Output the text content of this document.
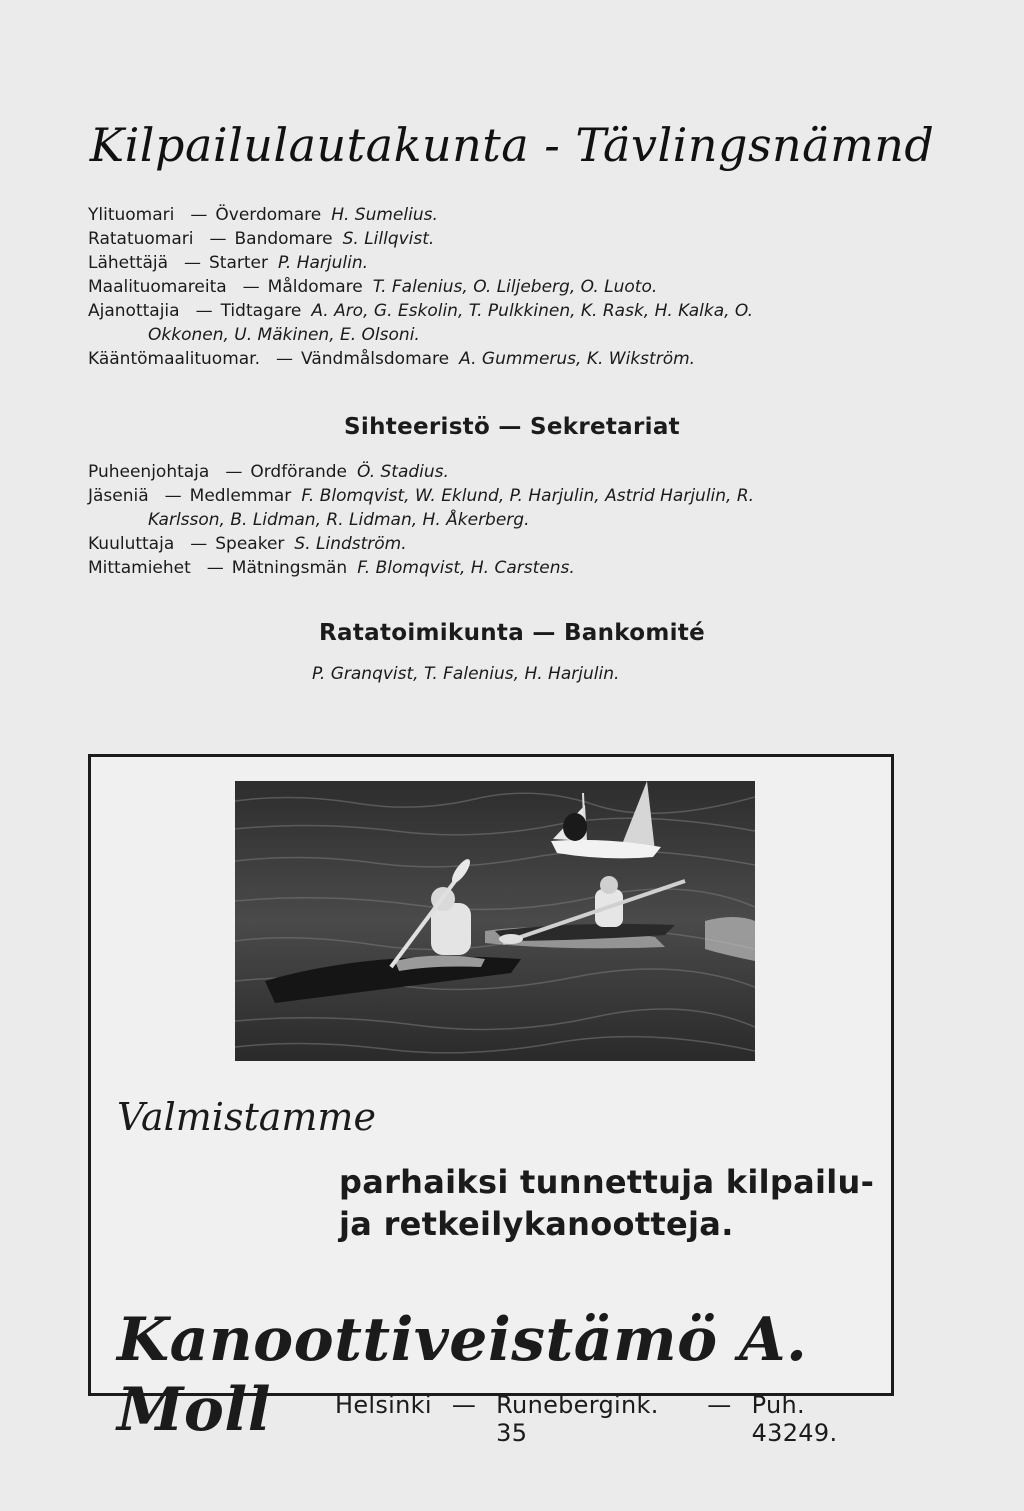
Kilpailulautakunta - Tävlingsnämnd
Ylituomari — Överdomare H. Sumelius.
Ratatuomari — Bandomare S. Lillqvist.
Lähettäjä — Starter P. Harjulin.
Maalituomareita — Måldomare T. Falenius, O. Liljeberg, O. Luoto.
Ajanottajia — Tidtagare A. Aro, G. Eskolin, T. Pulkkinen, K. Rask, H. Kalka, O.
Okkonen, U. Mäkinen, E. Olsoni.
Kääntömaalituomar. — Vändmålsdomare A. Gummerus, K. Wikström.
Sihteeristö — Sekretariat
Puheenjohtaja — Ordförande Ö. Stadius.
Jäseniä — Medlemmar F. Blomqvist, W. Eklund, P. Harjulin, Astrid Harjulin, R.
Karlsson, B. Lidman, R. Lidman, H. Åkerberg.
Kuuluttaja — Speaker S. Lindström.
Mittamiehet — Mätningsmän F. Blomqvist, H. Carstens.
Ratatoimikunta — Bankomité
P. Granqvist, T. Falenius, H. Harjulin.
Valmistamme
parhaiksi tunnettuja kilpailu-
ja retkeilykanootteja.
Kanoottiveistämö A. Moll	Helsinki — Runebergink. 35
— Puh. 43249.
